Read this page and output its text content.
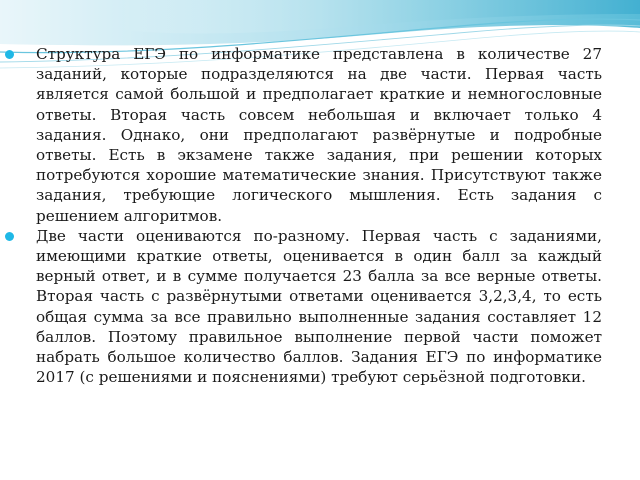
Структура ЕГЭ по информатике представлена в количестве 27 заданий, которые подразделяются на две части. Первая часть является самой большой и предполагает краткие и немногословные ответы. Вторая часть совсем небольшая и включает только 4 задания. Однако, они предполагают развёрнутые и подробные ответы. Есть в экзамене также задания, при решении которых потребуются хорошие математические знания. Присутствуют также задания, требующие логического мышления. Есть задания с решением алгоритмов.

Две части оцениваются по-разному. Первая часть с заданиями, имеющими краткие ответы, оценивается в один балл за каждый верный ответ, и в сумме получается 23 балла за все верные ответы. Вторая часть с развёрнутыми ответами оценивается 3,2,3,4, то есть общая сумма за все правильно выполненные задания составляет 12 баллов. Поэтому правильное выполнение первой части поможет набрать большое количество баллов. Задания ЕГЭ по информатике 2017 (с решениями и пояснениями) требуют серьёзной подготовки.
